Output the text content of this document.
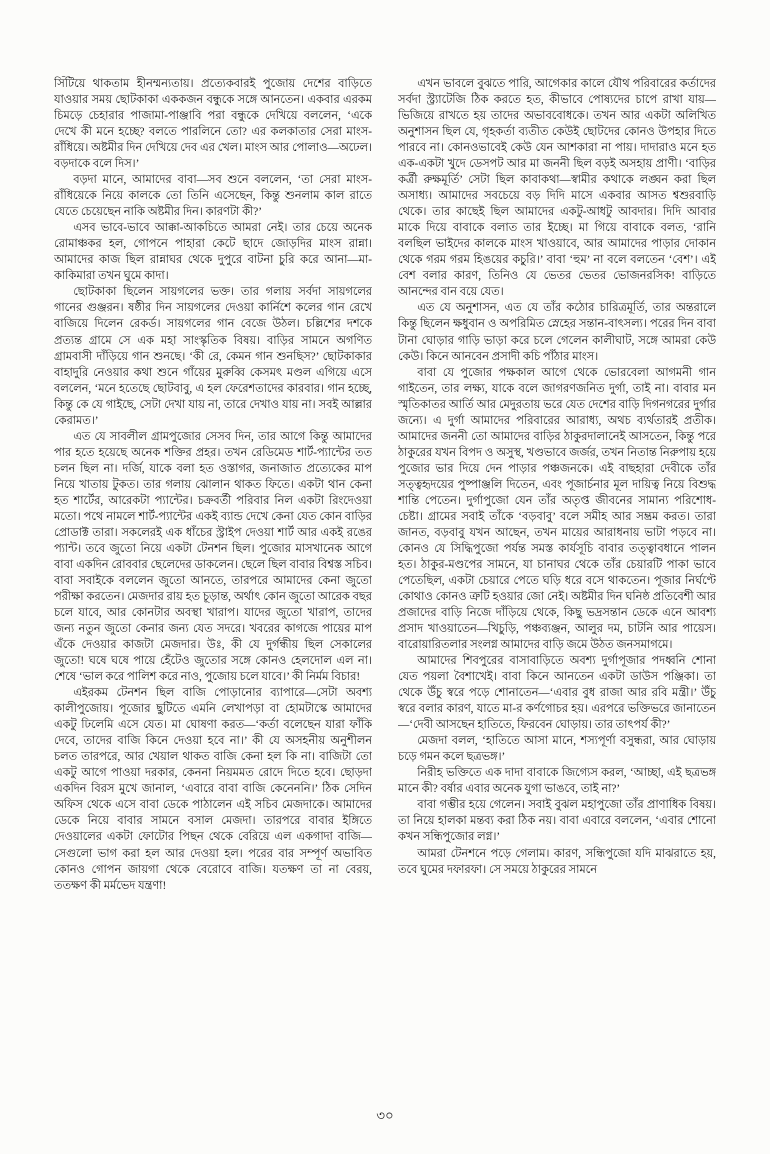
সিঁটিয়ে থাকতাম হীনম্মন্যতায়। প্রত্যেকবারই পুজোয় দেশের বাড়িতে যাওয়ার সময় ছোটকাকা এককজন বন্ধুকে সঙ্গে আনতেন। একবার এরকম চিমড়ে চেহারার পাজামা-পাঞ্জাবি পরা বন্ধুকে দেখিয়ে বললেন, ‘একে দেখে কী মনে হচ্ছে? বলতে পারলিনে তো? এর কলকাতার সেরা মাংস-রাঁধিয়ে। অষ্টমীর দিন দেখিয়ে দেব এর খেল। মাংস আর পোলাও—অঢেল। বড়দাকে বলে দিস।’

বড়দা মানে, আমাদের বাবা—সব শুনে বললেন, ‘তা সেরা মাংস-রাঁধিয়েকে নিয়ে কালকে তো তিনি এসেছেন, কিন্তু শুনলাম কাল রাতে যেতে চেয়েছেন নাকি অষ্টমীর দিন। কারণটা কী?’

এসব ভাবে-ভাবে আক্কা-আকচিতে আমরা নেই। তার চেয়ে অনেক রোমাঞ্চকর হল, গোপনে পাহারা কেটে ছাদে জোড়দির মাংস রান্না। আমাদের কাজ ছিল রান্নাঘর থেকে দুপুরে বাটনা চুরি করে আনা—মা-কাকিমারা তখন ঘুমে কাদা।

ছোটকাকা ছিলেন সায়গলের ভক্ত। তার গলায় সর্বদা সায়গলের গানের গুঞ্জরন। ষষ্ঠীর দিন সায়গলের দেওয়া কার্নিশে কলের গান রেখে বাজিয়ে দিলেন রেকর্ড। সায়গলের গান বেজে উঠল। চল্লিশের দশকে প্রত্যন্ত গ্রামে সে এক মহা সাংস্কৃতিক বিষয়। বাড়ির সামনে অগণিত গ্রামবাসী দাঁড়িয়ে গান শুনছে। ‘কী রে, কেমন গান শুনছিস?’ ছোটকাকার বাহাদুরি নেওয়ার কথা শুনে গাঁয়ের মুরুব্বি কেসমৎ মণ্ডল এগিয়ে এসে বললেন, ‘মনে হতেছে ছোটবাবু, এ হল ফেরেশতাদের কারবার। গান হচ্ছে, কিন্তু কে যে গাইছে, সেটা দেখা যায় না, তারে দেখাও যায় না। সবই আল্লার কেরামত।’

এত যে সাবলীল গ্রামপুজোর সেসব দিন, তার আগে কিন্তু আমাদের পার হতে হয়েছে অনেক শক্তির প্রহর। তখন রেডিমেড শার্ট-প্যান্টের তত চলন ছিল না। দর্জি, যাকে বলা হত ওস্তাগর, জনাজাত প্রত্যেকের মাপ নিয়ে খাতায় টুকত। তার গলায় ঝোলান থাকত ফিতে। একটা থান কেনা হত শার্টের, আরেকটা প্যান্টের। চক্রবর্তী পরিবার নিল একটা রিংদেওয়া মতো। পথে নামলে শার্ট-প্যান্টের একই ব্যান্ড দেখে কেনা যেত কোন বাড়ির প্রোডাক্ট তারা। সকলেরই এক ধাঁচের স্ট্রাইপ দেওয়া শার্ট আর একই রঙের প্যান্ট। তবে জুতো নিয়ে একটা টেনশন ছিল। পুজোর মাসখানেক আগে বাবা একদিন রোববার ছেলেদের ডাকলেন। ছেলে ছিল বাবার বিশ্বস্ত সচিব। বাবা সবাইকে বললেন জুতো আনতে, তারপরে আমাদের কেনা জুতো পরীক্ষা করতেন। মেজদার রায় হত চূড়ান্ত, অর্থাৎ কোন জুতো আরেক বছর চলে যাবে, আর কোনটার অবস্থা খারাপ। যাদের জুতো খারাপ, তাদের জন্য নতুন জুতো কেনার জন্য যেত সদরে। খবরের কাগজে পায়ের মাপ এঁকে দেওয়ার কাজটা মেজদার। উঃ, কী যে দুর্গন্ধীয় ছিল সেকালের জুতো! ঘষে ঘষে পায়ে হেঁটেও জুতোর সঙ্গে কোনও হেলদোল এল না। শেষে ‘ভাল করে পালিশ করে নাও, পুজোয় চলে যাবে।’ কী নির্মম বিচার!

এইরকম টেনশন ছিল বাজি পোড়ানোর ব্যাপারে—সেটা অবশ্য কালীপুজোয়। পূজোর ছুটিতে এমনি লেখাপড়া বা হোমটাস্কে আমাদের একটু ঢিলেমি এসে যেত। মা ঘোষণা করত—‘কর্তা বলেছেন যারা ফাঁকি দেবে, তাদের বাজি কিনে দেওয়া হবে না।’ কী যে অসহনীয় অনুশীলন চলত তারপরে, আর খেয়াল থাকত বাজি কেনা হল কি না। বাজিটা তো একটু আগে পাওয়া দরকার, কেননা নিয়মমত রোদে দিতে হবে। ছোড়দা একদিন বিরস মুখে জানাল, ‘এবারে বাবা বাজি কেনেননি।’ ঠিক সেদিন অফিস থেকে এসে বাবা ডেকে পাঠালেন এই সচিব মেজদাকে। আমাদের ডেকে নিয়ে বাবার সামনে বসাল মেজদা। তারপরে বাবার ইঙ্গিতে দেওয়ালের একটা ফোটোর পিছন থেকে বেরিয়ে এল একগাদা বাজি—সেগুলো ভাগ করা হল আর দেওয়া হল। পরের বার সম্পূর্ণ অভাবিত কোনও গোপন জায়গা থেকে বেরোবে বাজি। যতক্ষণ তা না বেরয়, ততক্ষণ কী মর্মভেদ যন্ত্রণা!

এখন ভাবলে বুঝতে পারি, আগেকার কালে যৌথ পরিবারের কর্তাদের সর্বদা স্ট্র্যাটেজি ঠিক করতে হত, কীভাবে পোষ্যদের চাপে রাখা যায়—ভিজিয়ে রাখতে হয় তাদের অভাববোধকে। তখন আর একটা অলিখিত অনুশাসন ছিল যে, গৃহকর্তা ব্যতীত কেউই ছোটদের কোনও উপহার দিতে পারবে না। কোনওভাবেই কেউ যেন আশকারা না পায়। দাদারাও মনে হত এক-একটা খুদে ডেসপট আর মা জননী ছিল বড়ই অসহায় প্রাণী। ‘বাড়ির কর্ত্রী রুক্ষমূর্তি’ সেটা ছিল কাবাকথা—স্বামীর কথাকে লঙ্ঘন করা ছিল অসাধ্য। আমাদের সবচেয়ে বড় দিদি মাসে একবার আসত শ্বশুরবাড়ি থেকে। তার কাছেই ছিল আমাদের একটু-আধটু আবদার। দিদি আবার মাকে দিয়ে বাবাকে বলাত তার ইচ্ছে। মা গিয়ে বাবাকে বলত, ‘রানি বলছিল ভাইদের কালকে মাংস খাওয়াবে, আর আমাদের পাড়ার দোকান থেকে গরম গরম হিঙয়ের কচুরি।’ বাবা ‘হুম’ না বলে বলতেন ‘বেশ’। এই বেশ বলার কারণ, তিনিও যে ভেতর ভেতর ভোজনরসিক! বাড়িতে আনন্দের বান বয়ে যেত।

এত যে অনুশাসন, এত যে তাঁর কঠোর চারিত্রমূর্তি, তার অন্তরালে কিন্তু ছিলেন ক্ষধুবান ও অপরিমিত স্নেহের সন্তান-বাৎসল্য। পরের দিন বাবা টানা ঘোড়ার গাড়ি ভাড়া করে চলে গেলেন কালীঘাট, সঙ্গে আমরা কেউ কেউ। কিনে আনবেন প্রসাদী কচি পাঁঠার মাংস।

বাবা যে পুজোর পক্ষকাল আগে থেকে ভোরবেলা আগমনী গান গাইতেন, তার লক্ষ্য, যাকে বলে জাগরণজনিত দুর্গা, তাই না। বাবার মন স্মৃতিকাতর আর্তি আর মেদুরতায় ভরে যেত দেশের বাড়ি দিগনগরের দুর্গার জন্যে। এ দুর্গা আমাদের পরিবারের আরাধ্য, অথচ ব্যর্থতারই প্রতীক। আমাদের জননী তো আমাদের বাড়ির ঠাকুরদালানেই আসতেন, কিন্তু পরে ঠাকুরের যখন বিপদ ও অসুস্থ, খণ্ডভাবে জর্জর, তখন নিতান্ত নিরুপায় হয়ে পুজোর ভার দিয়ে দেন পাড়ার পঞ্চজনকে। এই বাছহারা দেবীকে তাঁর সত্ত্বহৃদয়ের পুষ্পাঞ্জলি দিতেন, এবং পূজার্চনার মূল দায়িত্ব নিয়ে বিশুদ্ধ শান্তি পেতেন। দুর্গাপুজো যেন তাঁর অতৃপ্ত জীবনের সামান্য পরিশোধ-চেষ্টা। গ্রামের সবাই তাঁকে ‘বড়বাবু’ বলে সমীহ আর সম্ভ্রম করত। তারা জানত, বড়বাবু যখন আছেন, তখন মায়ের আরাধনায় ভাটা পড়বে না। কোনও যে সিদ্ধিপুজো পর্যন্ত সমস্ত কার্যসূচি বাবার তত্ত্বাবধানে পালন হত। ঠাকুর-মণ্ডপের সামনে, যা চানাঘর থেকে তাঁর চেয়ারটি পাকা ভাবে পেতেছিল, একটা চেয়ারে পেতে ঘড়ি ধরে বসে থাকতেন। পূজার নির্ঘণ্টে কোথাও কোনও ত্রুটি হওয়ার জো নেই। অষ্টমীর দিন ঘনিষ্ঠ প্রতিবেশী আর প্রজাদের বাড়ি নিজে দাঁড়িয়ে থেকে, কিছু ভদ্রসন্তান ডেকে এনে আবশ্য প্রসাদ খাওয়াতেন—খিচুড়ি, পঞ্চব্যঞ্জন, আলুর দম, চাটনি আর পায়েস। বারোয়ারিতলার সংলগ্ন আমাদের বাড়ি জমে উঠত জনসমাগমে।

আমাদের শিবপুরের বাসাবাড়িতে অবশ্য দুর্গাপূজার পদধ্বনি শোনা যেত পয়লা বৈশাখেই। বাবা কিনে আনতেন একটা ডাউস পঞ্জিকা। তা থেকে উঁচু স্বরে পড়ে শোনাতেন—‘এবার বুধ রাজা আর রবি মন্ত্রী।’ উঁচু স্বরে বলার কারণ, যাতে মা-র কর্ণগোচর হয়। এরপরে ভক্তিভরে জানাতেন—‘দেবী আসছেন হাতিতে, ফিরবেন ঘোড়ায়। তার তাৎপর্য কী?’

মেজদা বলল, ‘হাতিতে আসা মানে, শস্যপূর্ণা বসুন্ধরা, আর ঘোড়ায় চড়ে গমন কলে ছত্রভঙ্গ।’

নিরীহ ভক্তিতে এক দাদা বাবাকে জিগ্যেস করল, ‘আচ্ছা, এই ছত্রভঙ্গ মানে কী? বর্ষার এবার অনেক যুগা ভাঙবে, তাই না?’

বাবা গম্ভীর হয়ে গেলেন। সবাই বুঝল মহাপুজো তাঁর প্রাণাধিক বিষয়। তা নিয়ে হালকা মন্তব্য করা ঠিক নয়। বাবা এবারে বললেন, ‘এবার শোনো কখন সন্ধিপুজোর লগ্ন।’

আমরা টেনশনে পড়ে গেলাম। কারণ, সন্ধিপুজো যদি মাঝরাতে হয়, তবে ঘুমের দফারফা। সে সময়ে ঠাকুরের সামনে

৩০
